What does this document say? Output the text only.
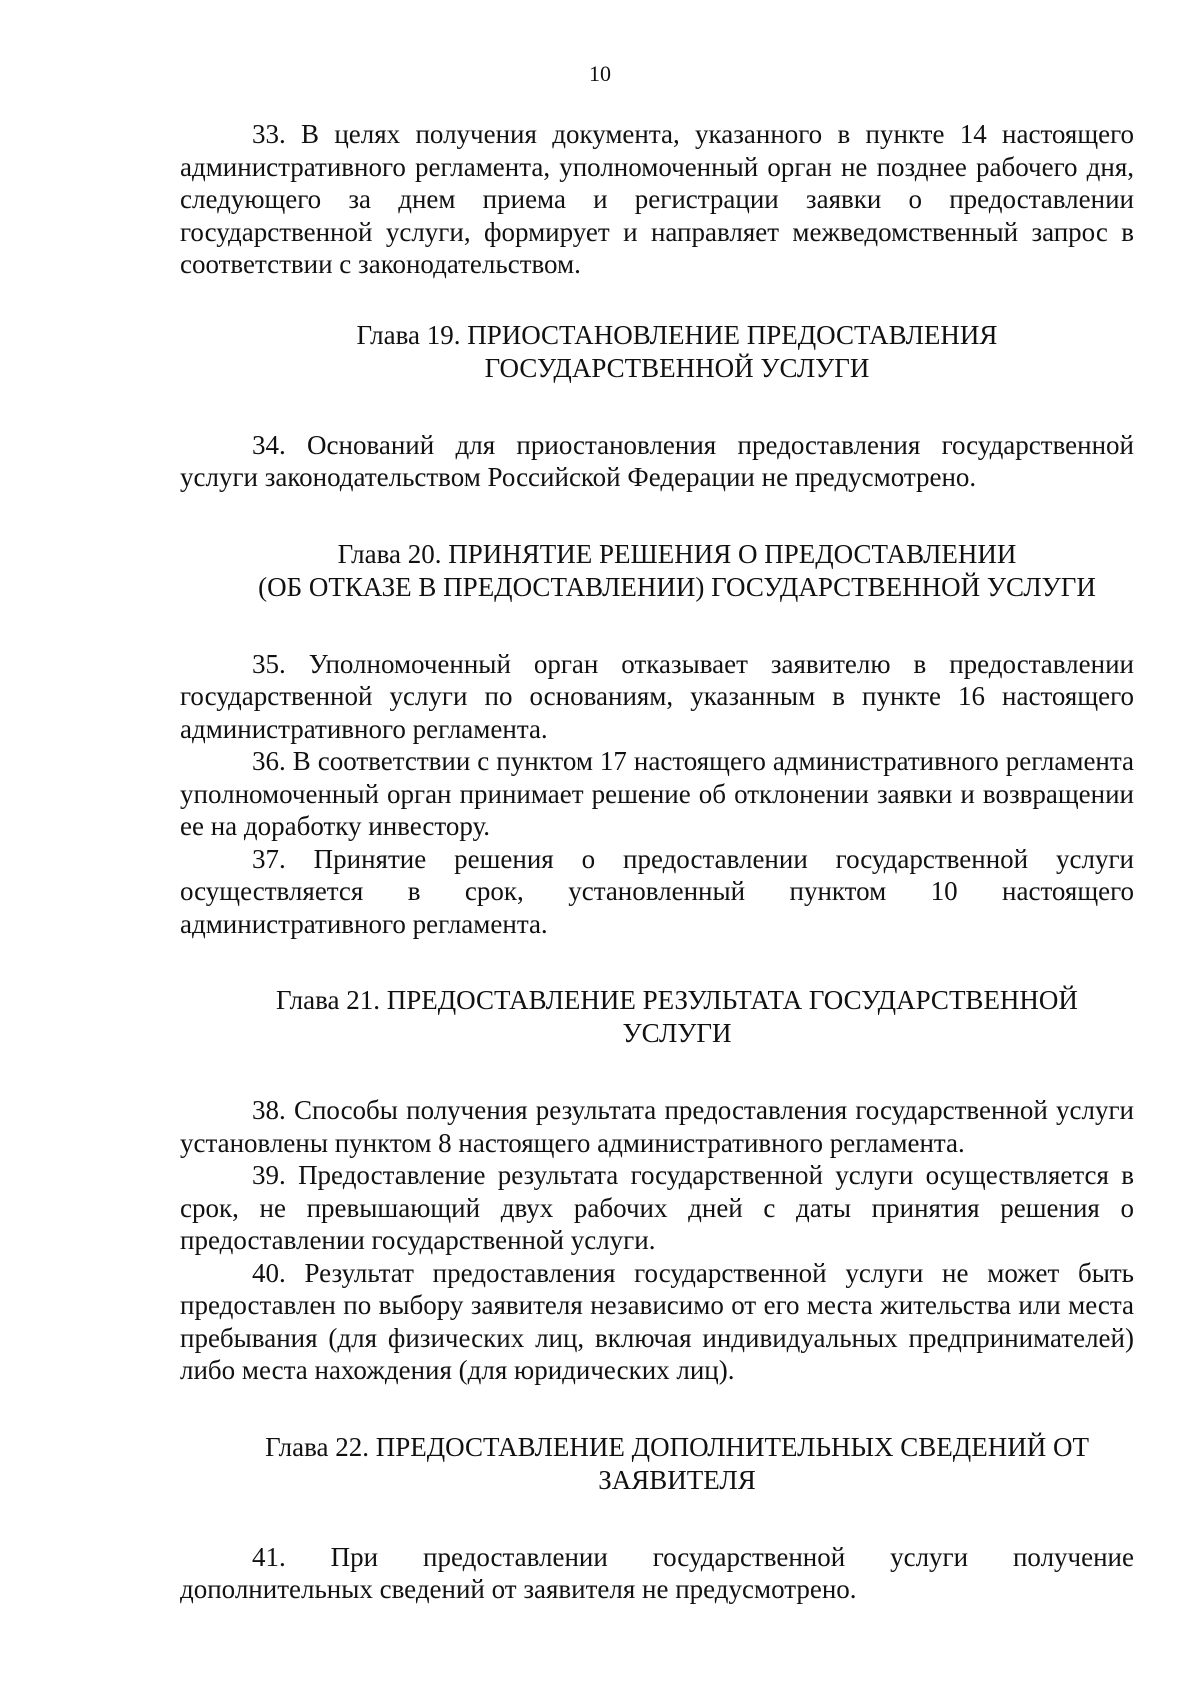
10

33. В целях получения документа, указанного в пункте 14 настоящего административного регламента, уполномоченный орган не позднее рабочего дня, следующего за днем приема и регистрации заявки о предоставлении государственной услуги, формирует и направляет межведомственный запрос в соответствии с законодательством.

Глава 19. ПРИОСТАНОВЛЕНИЕ ПРЕДОСТАВЛЕНИЯ
ГОСУДАРСТВЕННОЙ УСЛУГИ

34. Оснований для приостановления предоставления государственной услуги законодательством Российской Федерации не предусмотрено.

Глава 20. ПРИНЯТИЕ РЕШЕНИЯ О ПРЕДОСТАВЛЕНИИ
(ОБ ОТКАЗЕ В ПРЕДОСТАВЛЕНИИ) ГОСУДАРСТВЕННОЙ УСЛУГИ

35. Уполномоченный орган отказывает заявителю в предоставлении государственной услуги по основаниям, указанным в пункте 16 настоящего административного регламента.

36. В соответствии с пунктом 17 настоящего административного регламента уполномоченный орган принимает решение об отклонении заявки и возвращении ее на доработку инвестору.

37. Принятие решения о предоставлении государственной услуги осуществляется в срок, установленный пунктом 10 настоящего административного регламента.

Глава 21. ПРЕДОСТАВЛЕНИЕ РЕЗУЛЬТАТА ГОСУДАРСТВЕННОЙ
УСЛУГИ

38. Способы получения результата предоставления государственной услуги установлены пунктом 8 настоящего административного регламента.

39. Предоставление результата государственной услуги осуществляется в срок, не превышающий двух рабочих дней с даты принятия решения о предоставлении государственной услуги.

40. Результат предоставления государственной услуги не может быть предоставлен по выбору заявителя независимо от его места жительства или места пребывания (для физических лиц, включая индивидуальных предпринимателей) либо места нахождения (для юридических лиц).

Глава 22. ПРЕДОСТАВЛЕНИЕ ДОПОЛНИТЕЛЬНЫХ СВЕДЕНИЙ ОТ
ЗАЯВИТЕЛЯ

41. При предоставлении государственной услуги получение дополнительных сведений от заявителя не предусмотрено.
